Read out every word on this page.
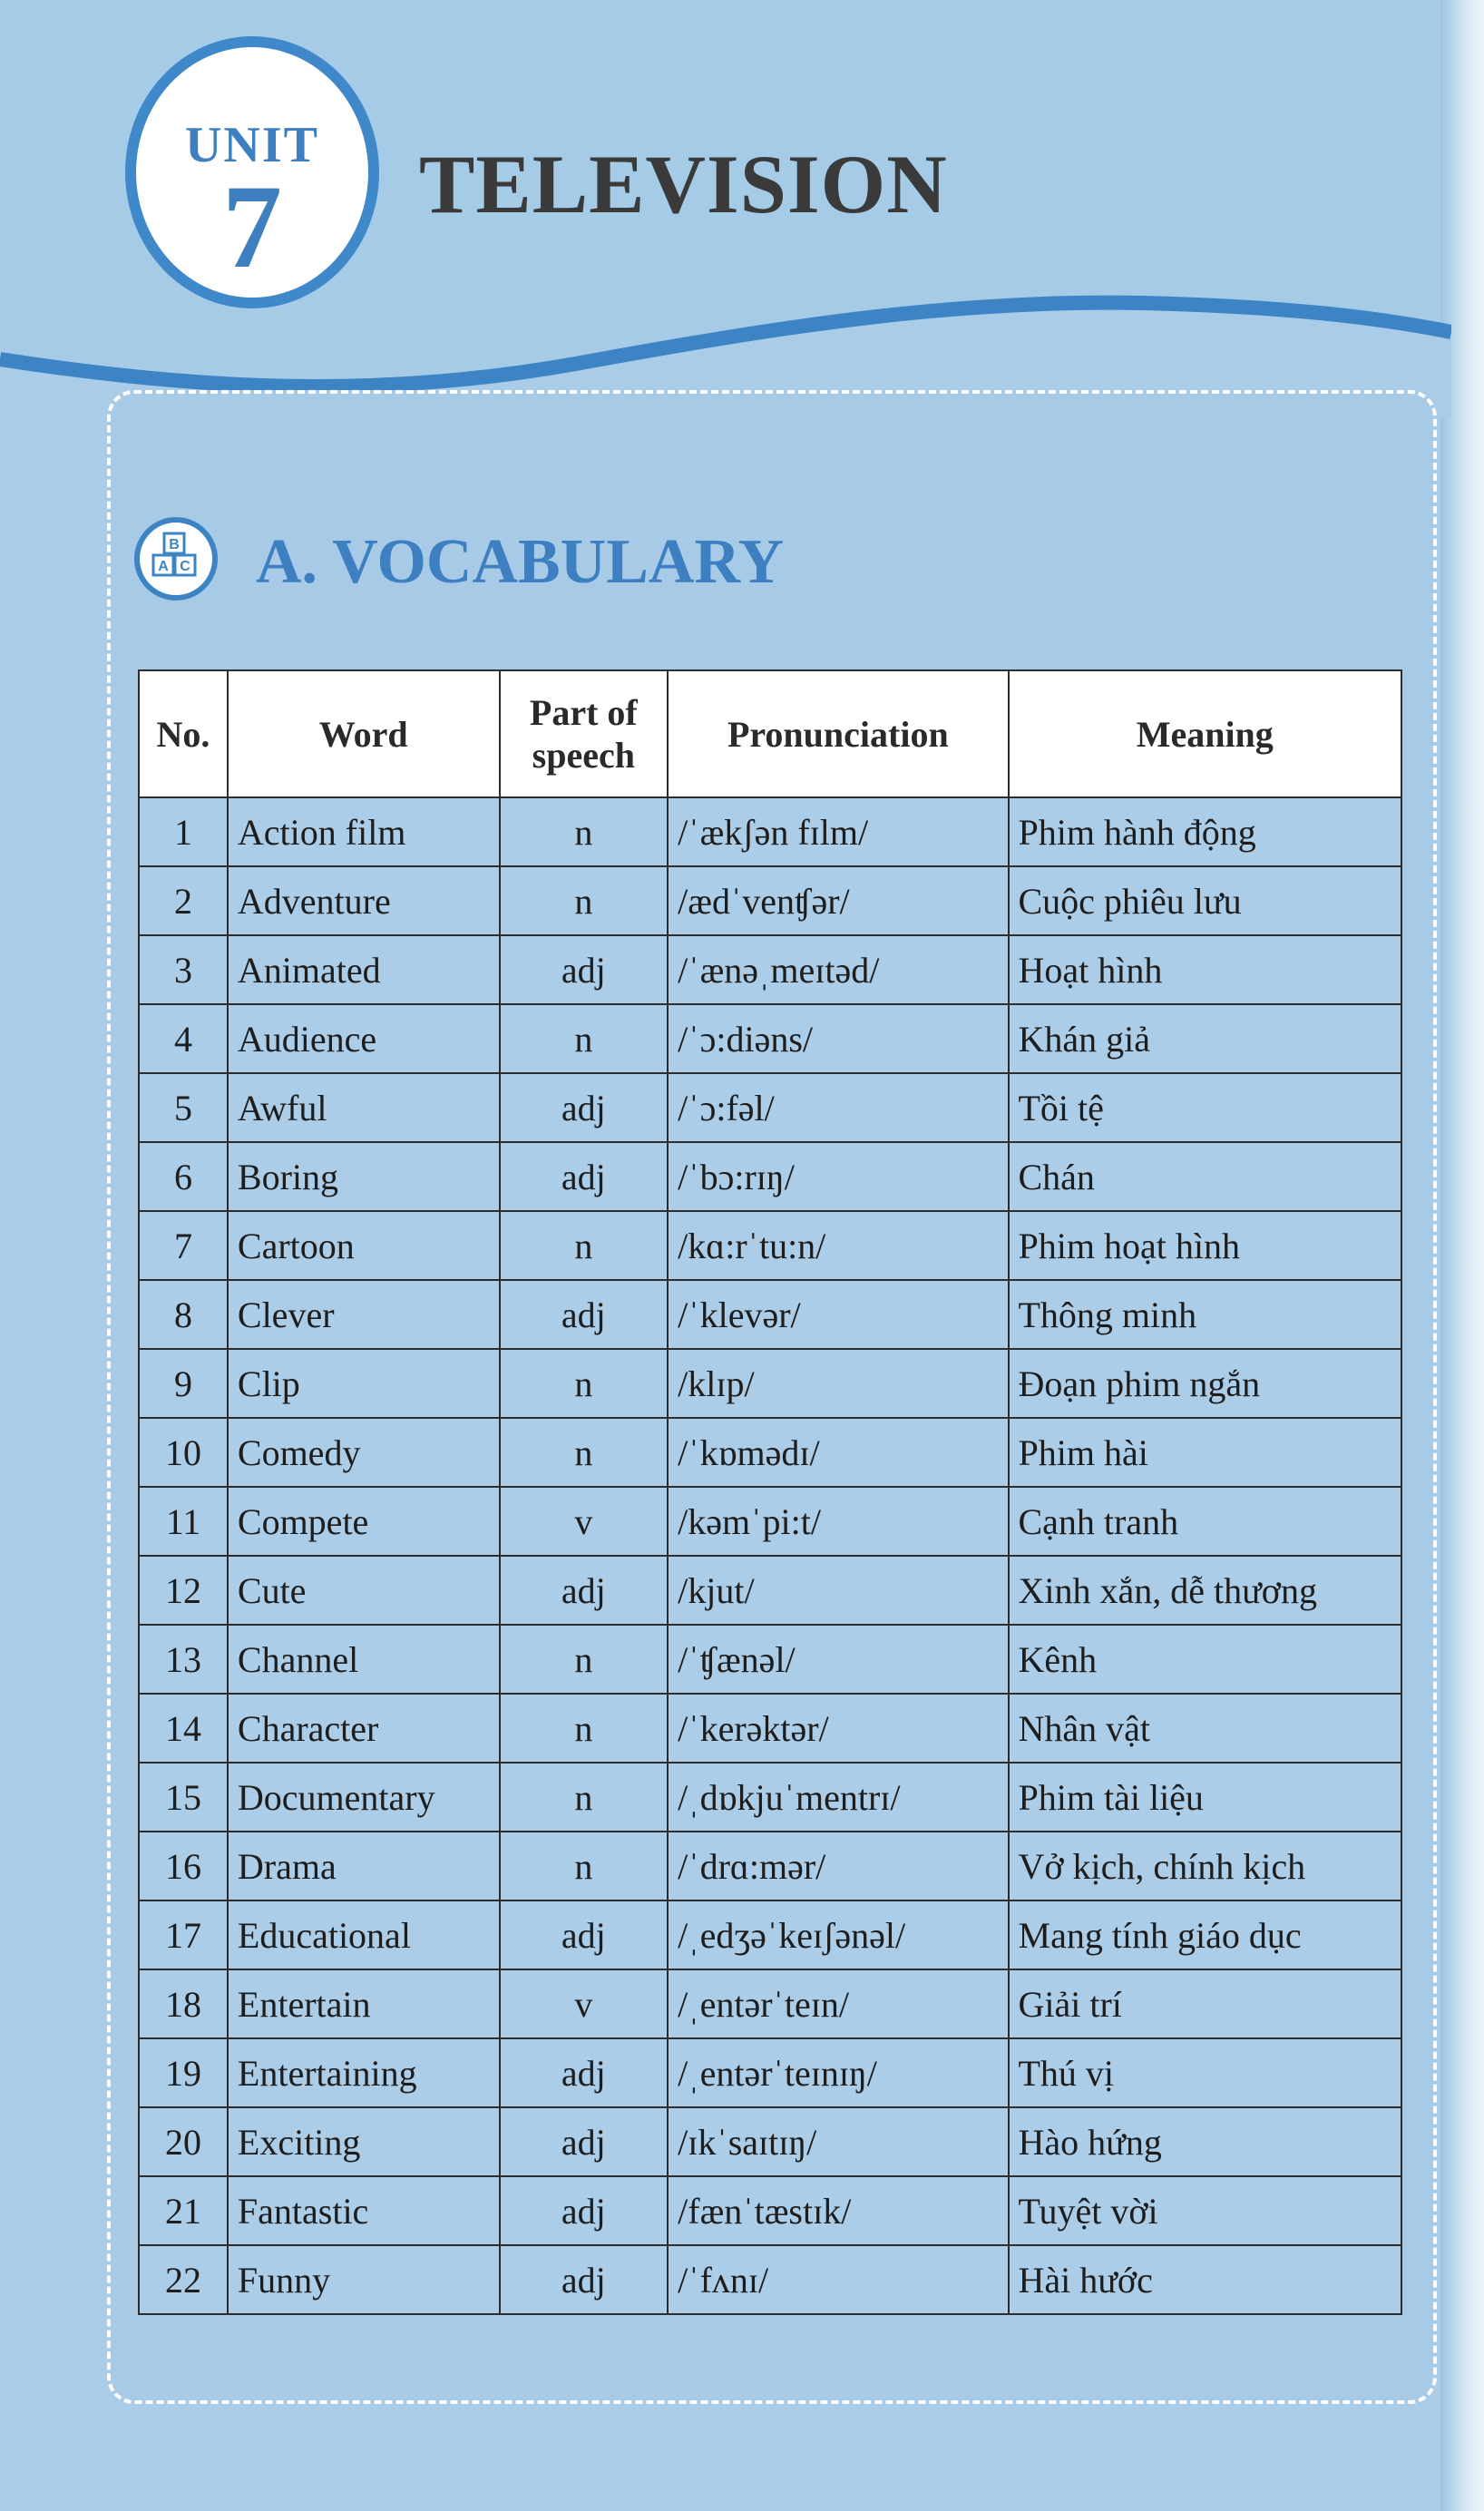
UNIT
7	TELEVISION
B
A C A. VOCABULARY
No.	Word	Part of speech	Pronunciation	Meaning
1	Action film	n	/ˈækʃən fɪlm/	Phim hành động
2	Adventure	n	/ædˈvenʧər/	Cuộc phiêu lưu
3	Animated	adj	/ˈænəˌmeɪtəd/	Hoạt hình
4	Audience	n	/ˈɔ:diəns/	Khán giả
5	Awful	adj	/ˈɔ:fəl/	Tồi tệ
6	Boring	adj	/ˈbɔ:rɪŋ/	Chán
7	Cartoon	n	/kɑ:rˈtu:n/	Phim hoạt hình
8	Clever	adj	/ˈklevər/	Thông minh
9	Clip	n	/klɪp/	Đoạn phim ngắn
10	Comedy	n	/ˈkɒmədɪ/	Phim hài
11	Compete	v	/kəmˈpi:t/	Cạnh tranh
12	Cute	adj	/kjut/	Xinh xắn, dễ thương
13	Channel	n	/ˈʧænəl/	Kênh
14	Character	n	/ˈkerəktər/	Nhân vật
15	Documentary	n	/ˌdɒkjuˈmentrɪ/	Phim tài liệu
16	Drama	n	/ˈdrɑ:mər/	Vở kịch, chính kịch
17	Educational	adj	/ˌedʒəˈkeɪʃənəl/	Mang tính giáo dục
18	Entertain	v	/ˌentərˈteɪn/	Giải trí
19	Entertaining	adj	/ˌentərˈteɪnɪŋ/	Thú vị
20	Exciting	adj	/ɪkˈsaɪtɪŋ/	Hào hứng
21	Fantastic	adj	/fænˈtæstɪk/	Tuyệt vời
22	Funny	adj	/ˈfʌnɪ/	Hài hước
